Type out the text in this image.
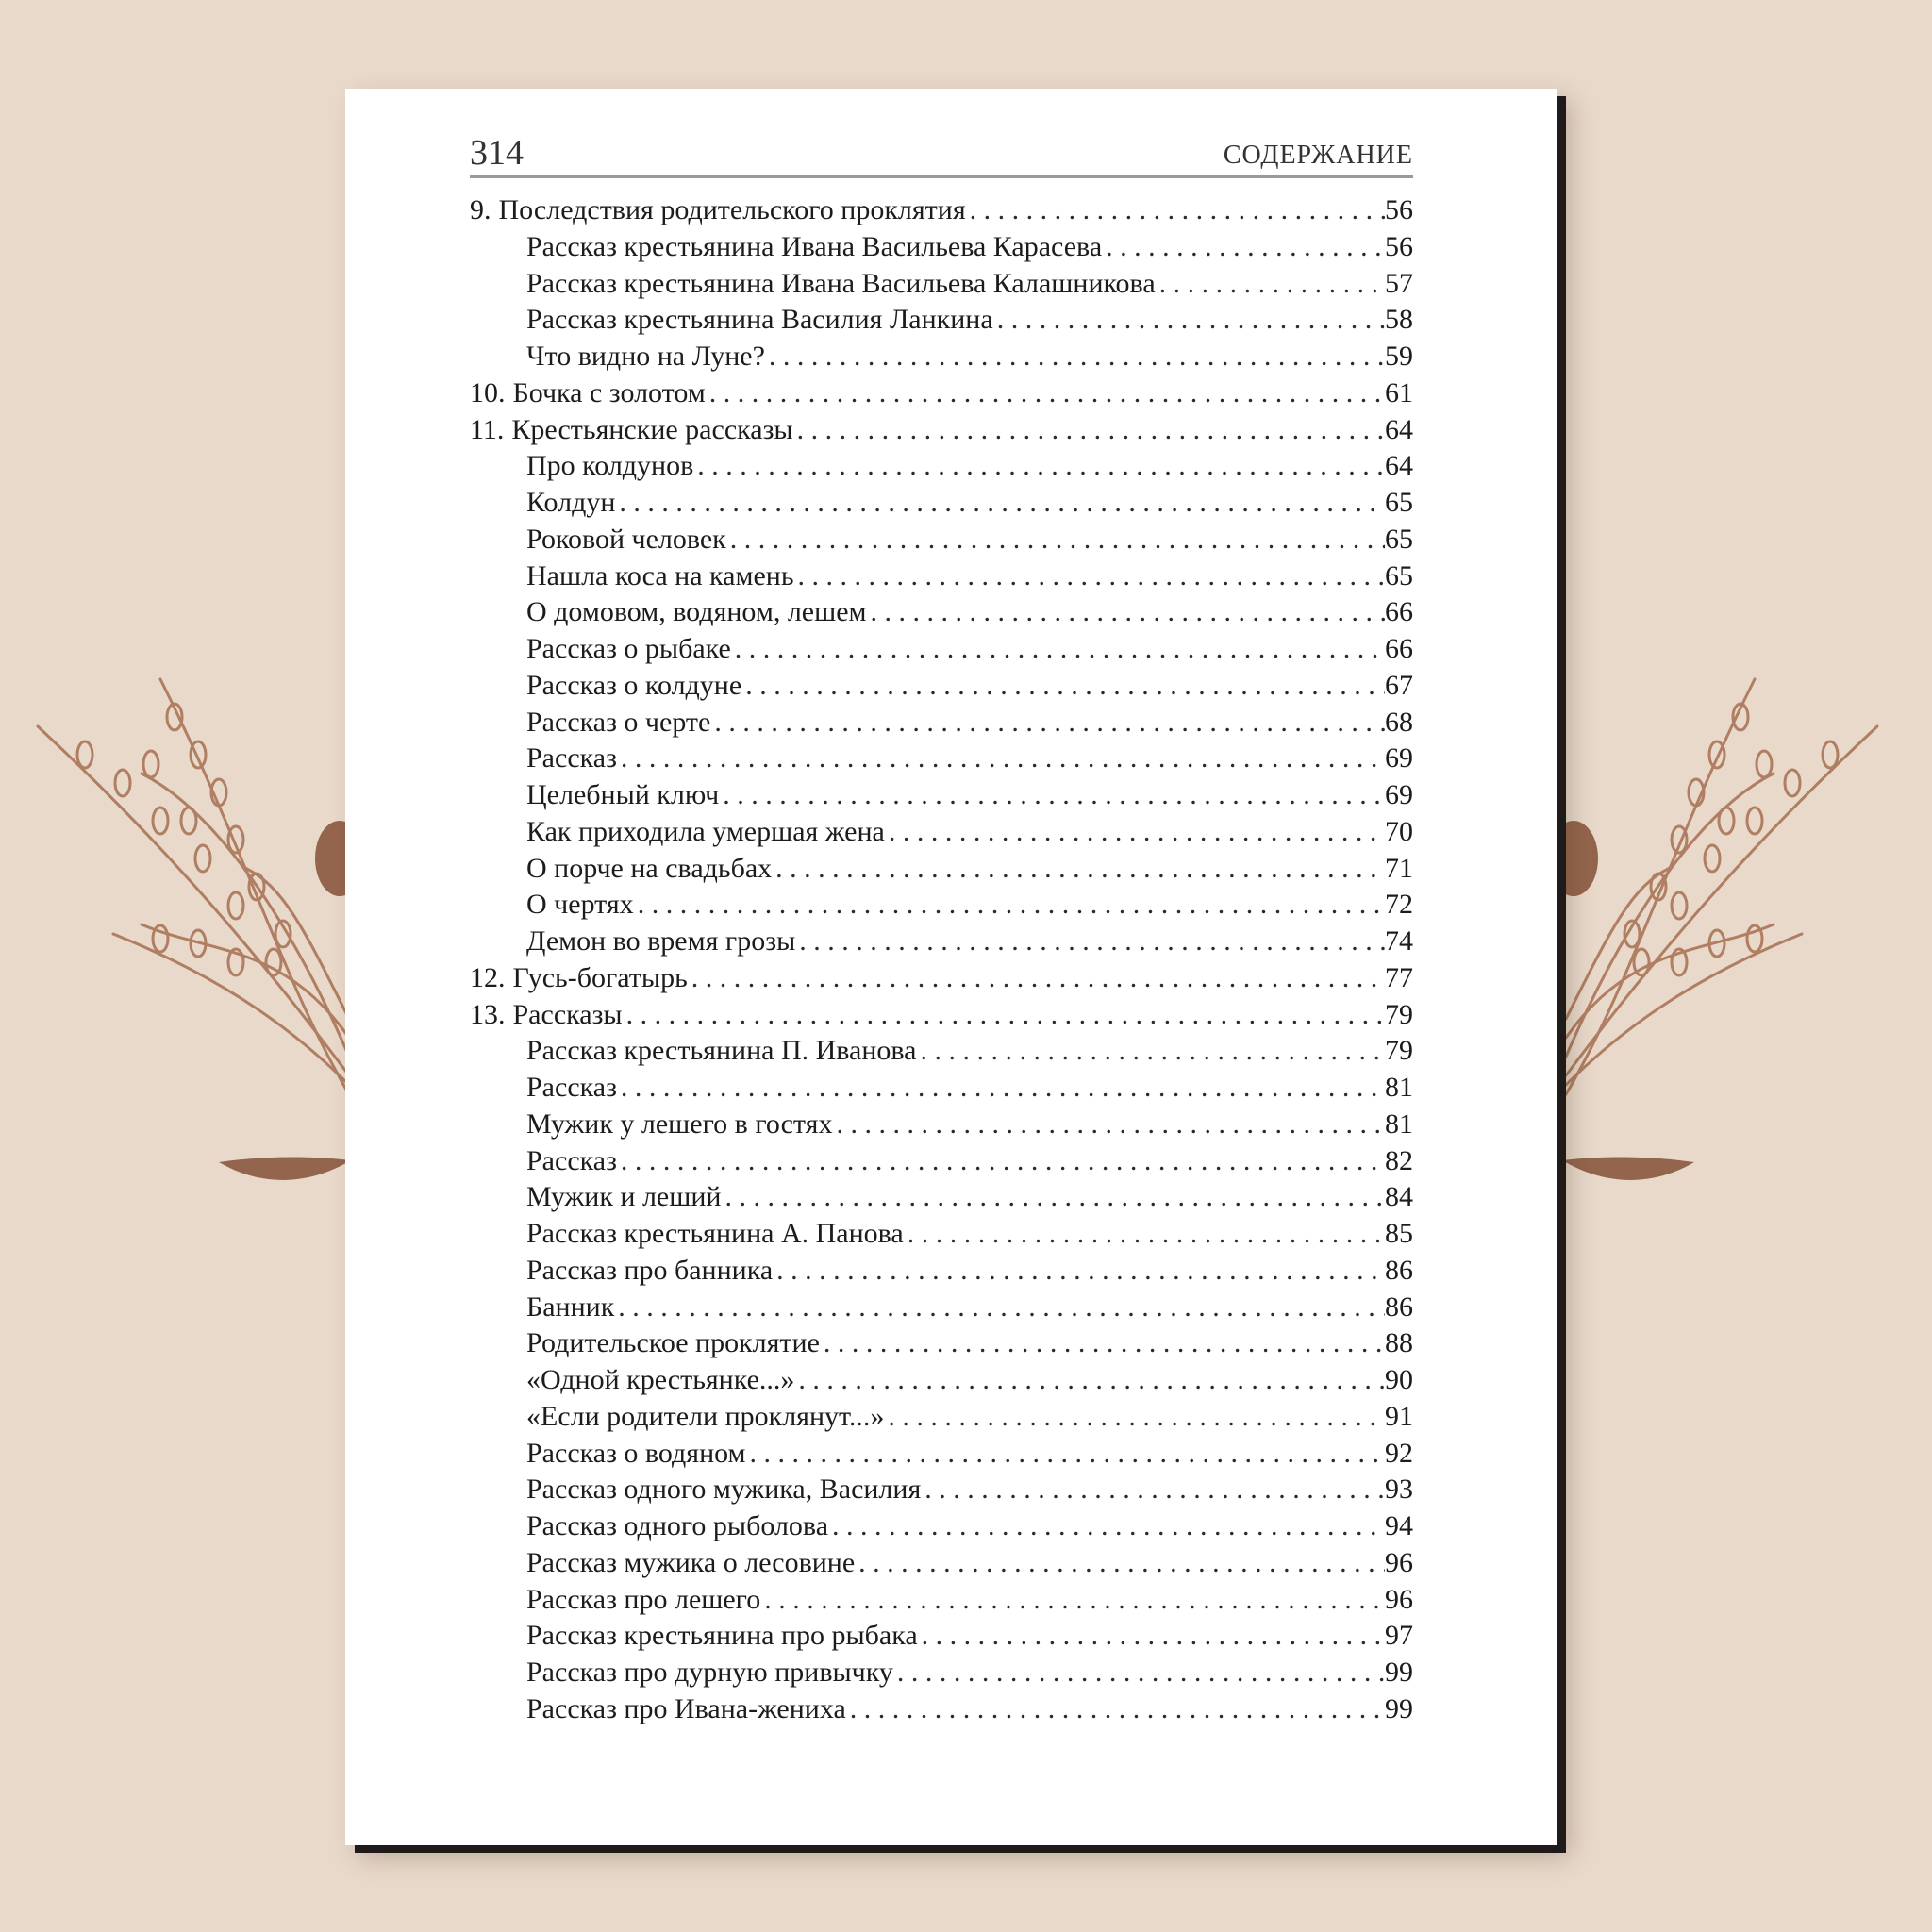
314	СОДЕРЖАНИЕ
9. Последствия родительского проклятия . . .	56
Рассказ крестьянина Ивана Васильева Карасева . . .	56
Рассказ крестьянина Ивана Васильева Калашникова . . .	57
Рассказ крестьянина Василия Ланкина . . .	58
Что видно на Луне? . . .	59
10. Бочка с золотом . . .	61
11. Крестьянские рассказы . . .	64
Про колдунов . . .	64
Колдун . . .	65
Роковой человек . . .	65
Нашла коса на камень . . .	65
О домовом, водяном, лешем . . .	66
Рассказ о рыбаке . . .	66
Рассказ о колдуне . . .	67
Рассказ о черте . . .	68
Рассказ . . .	69
Целебный ключ . . .	69
Как приходила умершая жена . . .	70
О порче на свадьбах . . .	71
О чертях . . .	72
Демон во время грозы . . .	74
12. Гусь-богатырь . . .	77
13. Рассказы . . .	79
Рассказ крестьянина П. Иванова . . .	79
Рассказ . . .	81
Мужик у лешего в гостях . . .	81
Рассказ . . .	82
Мужик и леший . . .	84
Рассказ крестьянина А. Панова . . .	85
Рассказ про банника . . .	86
Банник . . .	86
Родительское проклятие . . .	88
«Одной крестьянке...» . . .	90
«Если родители проклянут...» . . .	91
Рассказ о водяном . . .	92
Рассказ одного мужика, Василия . . .	93
Рассказ одного рыболова . . .	94
Рассказ мужика о лесовине . . .	96
Рассказ про лешего . . .	96
Рассказ крестьянина про рыбака . . .	97
Рассказ про дурную привычку . . .	99
Рассказ про Ивана-жениха . . .	99
